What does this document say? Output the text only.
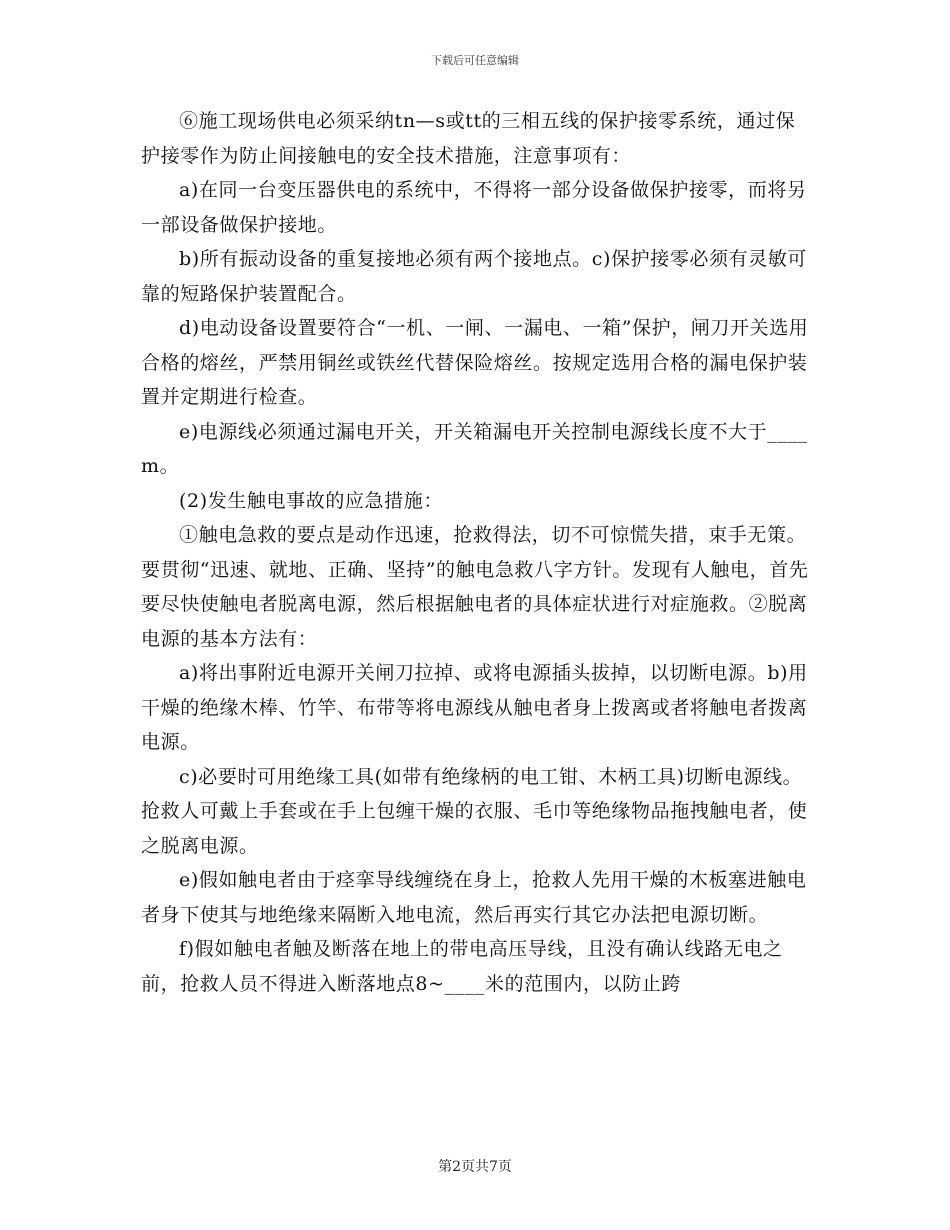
下载后可任意编辑

⑥施工现场供电必须采纳tn—s或tt的三相五线的保护接零系统，通过保护接零作为防止间接触电的安全技术措施，注意事项有：

a)在同一台变压器供电的系统中，不得将一部分设备做保护接零，而将另一部设备做保护接地。

b)所有振动设备的重复接地必须有两个接地点。c)保护接零必须有灵敏可靠的短路保护装置配合。

d)电动设备设置要符合“一机、一闸、一漏电、一箱”保护，闸刀开关选用合格的熔丝，严禁用铜丝或铁丝代替保险熔丝。按规定选用合格的漏电保护装置并定期进行检查。

e)电源线必须通过漏电开关，开关箱漏电开关控制电源线长度不大于____m。

(2)发生触电事故的应急措施：

①触电急救的要点是动作迅速，抢救得法，切不可惊慌失措，束手无策。要贯彻“迅速、就地、正确、坚持”的触电急救八字方针。发现有人触电，首先要尽快使触电者脱离电源，然后根据触电者的具体症状进行对症施救。②脱离电源的基本方法有：

a)将出事附近电源开关闸刀拉掉、或将电源插头拔掉，以切断电源。b)用干燥的绝缘木棒、竹竿、布带等将电源线从触电者身上拨离或者将触电者拨离电源。

c)必要时可用绝缘工具(如带有绝缘柄的电工钳、木柄工具)切断电源线。抢救人可戴上手套或在手上包缠干燥的衣服、毛巾等绝缘物品拖拽触电者，使之脱离电源。

e)假如触电者由于痉挛导线缠绕在身上，抢救人先用干燥的木板塞进触电者身下使其与地绝缘来隔断入地电流，然后再实行其它办法把电源切断。

f)假如触电者触及断落在地上的带电高压导线，且没有确认线路无电之前，抢救人员不得进入断落地点8~____米的范围内，以防止跨

第2页共7页
